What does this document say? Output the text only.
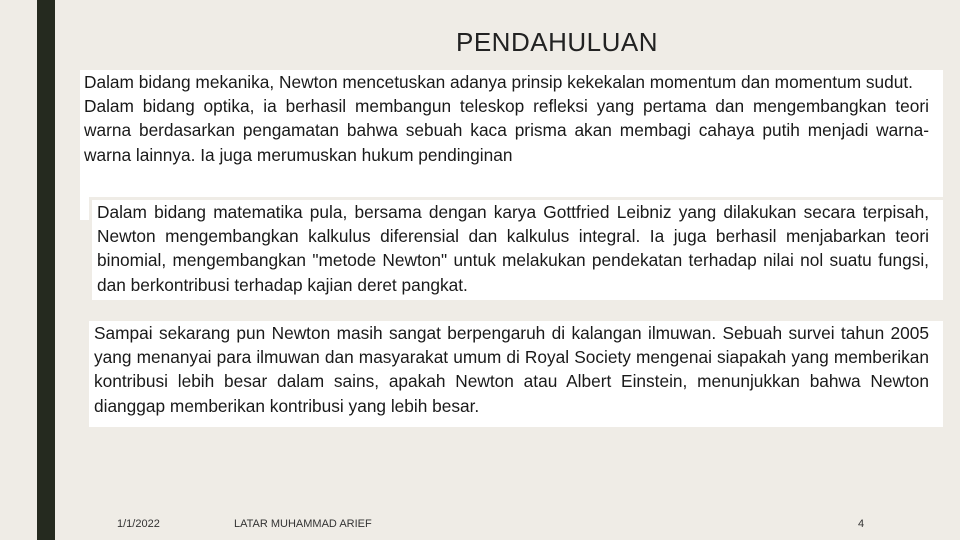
PENDAHULUAN

Dalam bidang mekanika, Newton mencetuskan adanya prinsip kekekalan momentum dan momentum sudut.

Dalam bidang optika, ia berhasil membangun teleskop refleksi yang pertama dan mengembangkan teori warna berdasarkan pengamatan bahwa sebuah kaca prisma akan membagi cahaya putih menjadi warna-warna lainnya. Ia juga merumuskan hukum pendinginan

Dalam bidang matematika pula, bersama dengan karya Gottfried Leibniz yang dilakukan secara terpisah, Newton mengembangkan kalkulus diferensial dan kalkulus integral. Ia juga berhasil menjabarkan teori binomial, mengembangkan "metode Newton" untuk melakukan pendekatan terhadap nilai nol suatu fungsi, dan berkontribusi terhadap kajian deret pangkat.

Sampai sekarang pun Newton masih sangat berpengaruh di kalangan ilmuwan. Sebuah survei tahun 2005 yang menanyai para ilmuwan dan masyarakat umum di Royal Society mengenai siapakah yang memberikan kontribusi lebih besar dalam sains, apakah Newton atau Albert Einstein, menunjukkan bahwa Newton dianggap memberikan kontribusi yang lebih besar.

1/1/2022	LATAR MUHAMMAD ARIEF	4
